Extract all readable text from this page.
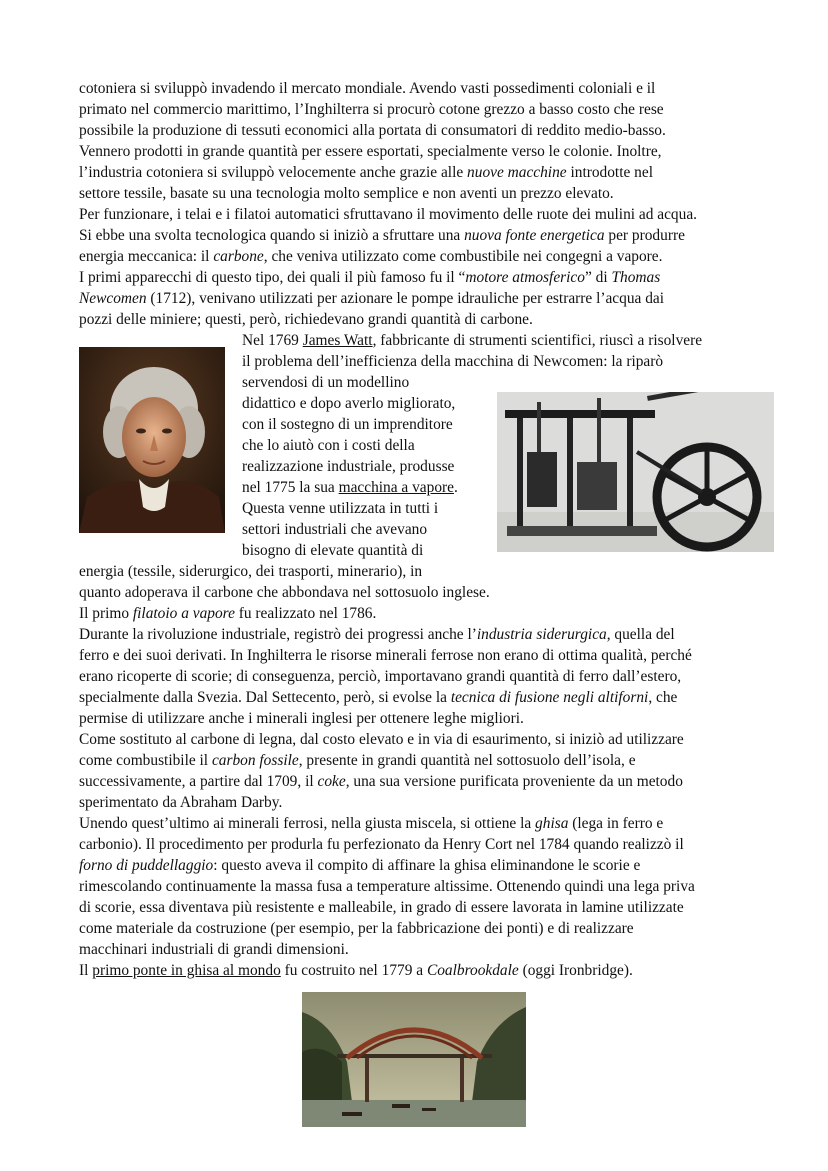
cotoniera si sviluppò invadendo il mercato mondiale. Avendo vasti possedimenti coloniali e il
primato nel commercio marittimo, l’Inghilterra si procurò cotone grezzo a basso costo che rese
possibile la produzione di tessuti economici alla portata di consumatori di reddito medio-basso.
Vennero prodotti in grande quantità per essere esportati, specialmente verso le colonie. Inoltre,
l’industria cotoniera si sviluppò velocemente anche grazie alle nuove macchine introdotte nel
settore tessile, basate su una tecnologia molto semplice e non aventi un prezzo elevato.
Per funzionare, i telai e i filatoi automatici sfruttavano il movimento delle ruote dei mulini ad acqua.
Si ebbe una svolta tecnologica quando si iniziò a sfruttare una nuova fonte energetica per produrre
energia meccanica: il carbone, che veniva utilizzato come combustibile nei congegni a vapore.
I primi apparecchi di questo tipo, dei quali il più famoso fu il “motore atmosferico” di Thomas
Newcomen (1712), venivano utilizzati per azionare le pompe idrauliche per estrarre l’acqua dai
pozzi delle miniere; questi, però, richiedevano grandi quantità di carbone.
Nel 1769 James Watt, fabbricante di strumenti scientifici, riuscì a risolvere
il problema dell’inefficienza della macchina di Newcomen: la riparò
servendosi di un modellino
didattico e dopo averlo migliorato,
con il sostegno di un imprenditore
che lo aiutò con i costi della
realizzazione industriale, produsse
nel 1775 la sua macchina a vapore.
Questa venne utilizzata in tutti i
settori industriali che avevano
bisogno di elevate quantità di
energia (tessile, siderurgico, dei trasporti, minerario), in
quanto adoperava il carbone che abbondava nel sottosuolo inglese.
Il primo filatoio a vapore fu realizzato nel 1786.
Durante la rivoluzione industriale, registrò dei progressi anche l’industria siderurgica, quella del
ferro e dei suoi derivati. In Inghilterra le risorse minerali ferrose non erano di ottima qualità, perché
erano ricoperte di scorie; di conseguenza, perciò, importavano grandi quantità di ferro dall’estero,
specialmente dalla Svezia. Dal Settecento, però, si evolse la tecnica di fusione negli altiforni, che
permise di utilizzare anche i minerali inglesi per ottenere leghe migliori.
Come sostituto al carbone di legna, dal costo elevato e in via di esaurimento, si iniziò ad utilizzare
come combustibile il carbon fossile, presente in grandi quantità nel sottosuolo dell’isola, e
successivamente, a partire dal 1709, il coke, una sua versione purificata proveniente da un metodo
sperimentato da Abraham Darby.
Unendo quest’ultimo ai minerali ferrosi, nella giusta miscela, si ottiene la ghisa (lega in ferro e
carbonio). Il procedimento per produrla fu perfezionato da Henry Cort nel 1784 quando realizzò il
forno di puddellaggio: questo aveva il compito di affinare la ghisa eliminandone le scorie e
rimescolando continuamente la massa fusa a temperature altissime. Ottenendo quindi una lega priva
di scorie, essa diventava più resistente e malleabile, in grado di essere lavorata in lamine utilizzate
come materiale da costruzione (per esempio, per la fabbricazione dei ponti) e di realizzare
macchinari industriali di grandi dimensioni.
Il primo ponte in ghisa al mondo fu costruito nel 1779 a Coalbrookdale (oggi Ironbridge).
